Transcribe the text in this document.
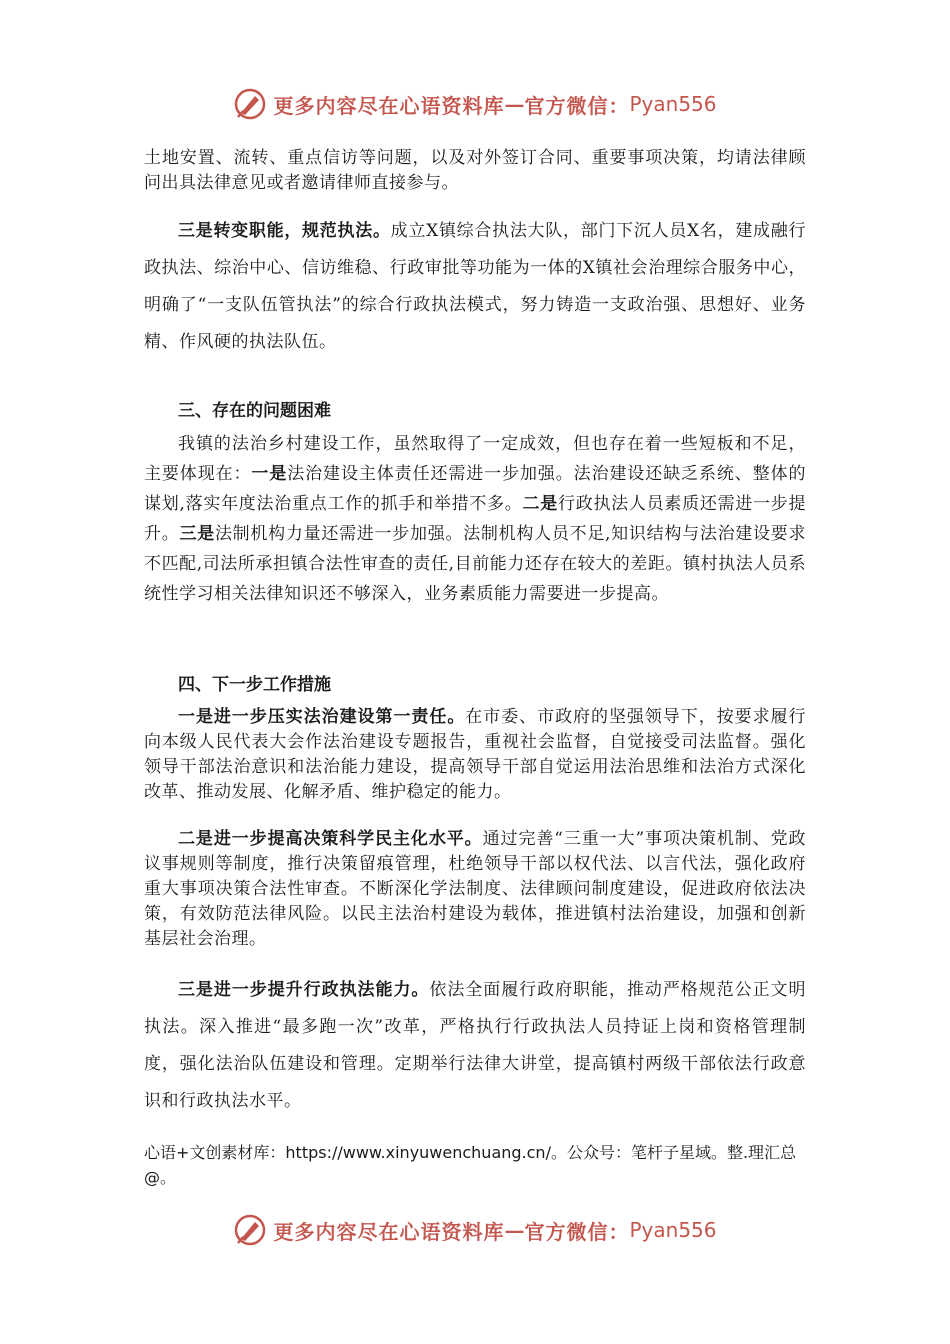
更多内容尽在心语资料库 — 官方微信： Pyan556
土地安置、流转、重点信访等问题，以及对外签订合同、重要事项决策，均请法律顾问出具法律意见或者邀请律师直接参与。
三是转变职能，规范执法。成立X镇综合执法大队，部门下沉人员X名，建成融行政执法、综治中心、信访维稳、行政审批等功能为一体的X镇社会治理综合服务中心，明确了“一支队伍管执法”的综合行政执法模式，努力铸造一支政治强、思想好、业务精、作风硬的执法队伍。
三、存在的问题困难
我镇的法治乡村建设工作，虽然取得了一定成效，但也存在着一些短板和不足，主要体现在：一是法治建设主体责任还需进一步加强。法治建设还缺乏系统、整体的谋划,落实年度法治重点工作的抓手和举措不多。二是行政执法人员素质还需进一步提升。三是法制机构力量还需进一步加强。法制机构人员不足,知识结构与法治建设要求不匹配,司法所承担镇合法性审查的责任,目前能力还存在较大的差距。镇村执法人员系统性学习相关法律知识还不够深入，业务素质能力需要进一步提高。
四、下一步工作措施
一是进一步压实法治建设第一责任。在市委、市政府的坚强领导下，按要求履行向本级人民代表大会作法治建设专题报告，重视社会监督，自觉接受司法监督。强化领导干部法治意识和法治能力建设，提高领导干部自觉运用法治思维和法治方式深化改革、推动发展、化解矛盾、维护稳定的能力。
二是进一步提高决策科学民主化水平。通过完善“三重一大”事项决策机制、党政议事规则等制度，推行决策留痕管理，杜绝领导干部以权代法、以言代法，强化政府重大事项决策合法性审查。不断深化学法制度、法律顾问制度建设，促进政府依法决策，有效防范法律风险。以民主法治村建设为载体，推进镇村法治建设，加强和创新基层社会治理。
三是进一步提升行政执法能力。依法全面履行政府职能，推动严格规范公正文明执法。深入推进“最多跑一次”改革，严格执行行政执法人员持证上岗和资格管理制度，强化法治队伍建设和管理。定期举行法律大讲堂，提高镇村两级干部依法行政意识和行政执法水平。
心语+文创素材库：https://www.xinyuwenchuang.cn/。公众号：笔杆子星域。整.理汇总@。
更多内容尽在心语资料库 — 官方微信： Pyan556
